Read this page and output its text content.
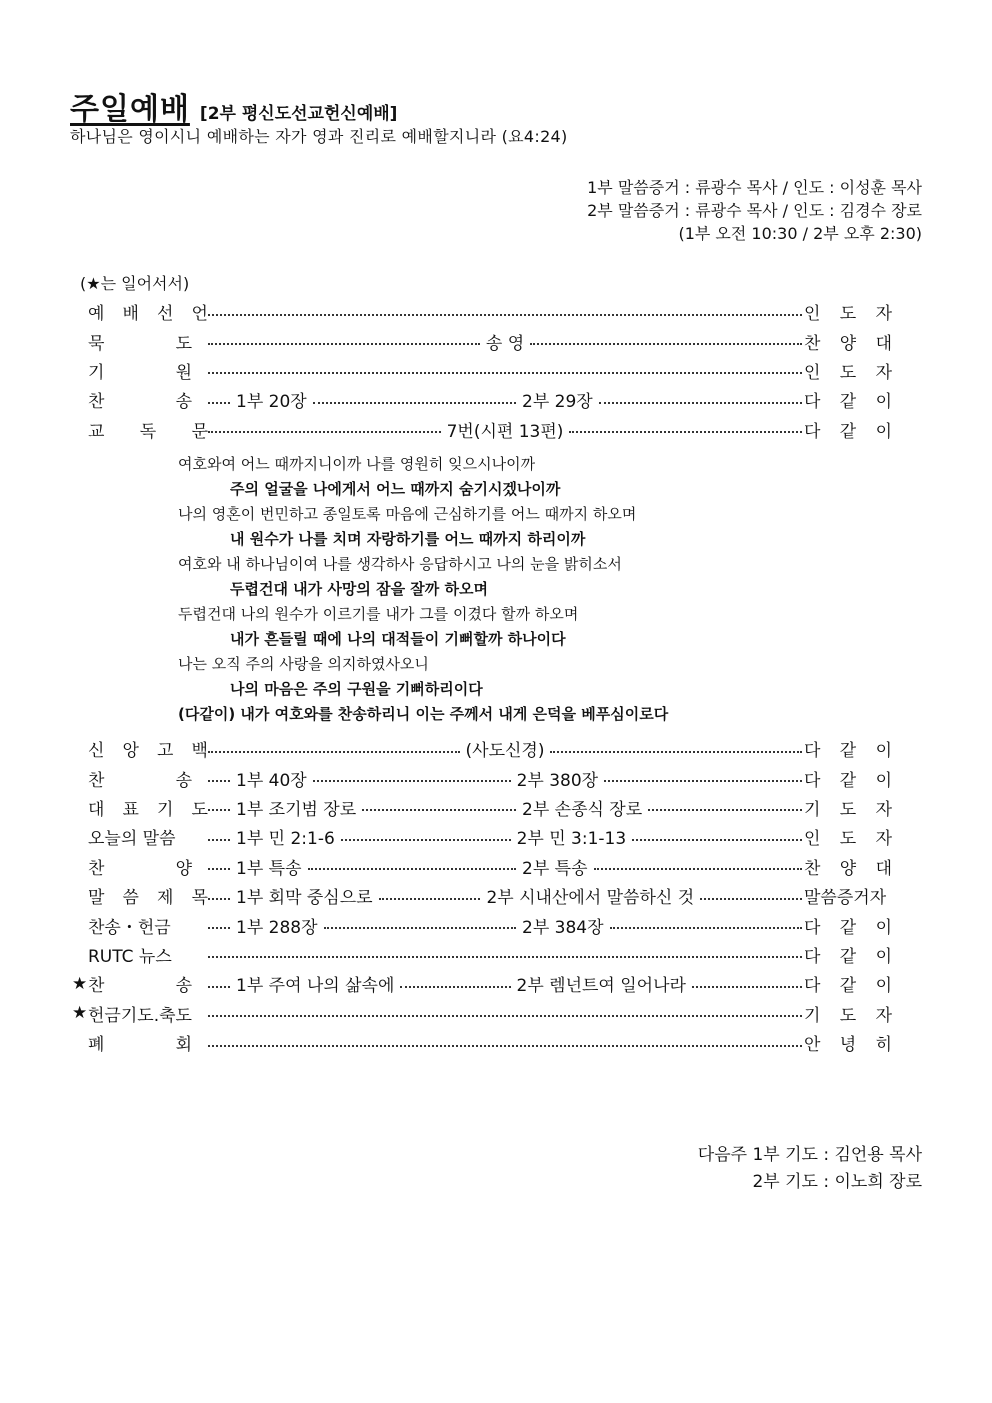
주일예배 [2부 평신도선교헌신예배]
하나님은 영이시니 예배하는 자가 영과 진리로 예배할지니라 (요4:24)
1부 말씀증거 : 류광수 목사 / 인도 : 이성훈 목사
2부 말씀증거 : 류광수 목사 / 인도 : 김경수 장로
(1부 오전 10:30 / 2부 오후 2:30)
(★는 일어서서)
예 배 선 언	인 도 자
묵	도	송 영	찬 양 대
기	원	인 도 자
찬	송	1부 20장	2부 29장	다 같 이
교 독 문	7번(시편 13편)	다 같 이
여호와여 어느 때까지니이까 나를 영원히 잊으시나이까
주의 얼굴을 나에게서 어느 때까지 숨기시겠나이까
나의 영혼이 번민하고 종일토록 마음에 근심하기를 어느 때까지 하오며
내 원수가 나를 치며 자랑하기를 어느 때까지 하리이까
여호와 내 하나님이여 나를 생각하사 응답하시고 나의 눈을 밝히소서
두렵건대 내가 사망의 잠을 잘까 하오며
두렵건대 나의 원수가 이르기를 내가 그를 이겼다 할까 하오며
내가 흔들릴 때에 나의 대적들이 기뻐할까 하나이다
나는 오직 주의 사랑을 의지하였사오니
나의 마음은 주의 구원을 기뻐하리이다
(다같이) 내가 여호와를 찬송하리니 이는 주께서 내게 은덕을 베푸심이로다
신 앙 고 백	(사도신경)	다 같 이
찬	송	1부 40장	2부 380장	다 같 이
대 표 기 도 1부 조기범 장로	2부 손종식 장로	기 도 자
오늘의 말씀	1부 민 2:1-6	2부 민 3:1-13	인 도 자
찬	양	1부 특송	2부 특송	찬 양 대
말 씀 제 목 1부 회막 중심으로	2부 시내산에서 말씀하신 것	말씀증거자
찬송・헌금	1부 288장	2부 384장	다 같 이
RUTC 뉴스	다 같 이
★ 찬	송	1부 주여 나의 삶속에	2부 렘넌트여 일어나라	다 같 이
★ 헌금기도.축도	기 도 자
폐	회	안 녕 히
다음주 1부 기도 : 김언용 목사
2부 기도 : 이노희 장로
